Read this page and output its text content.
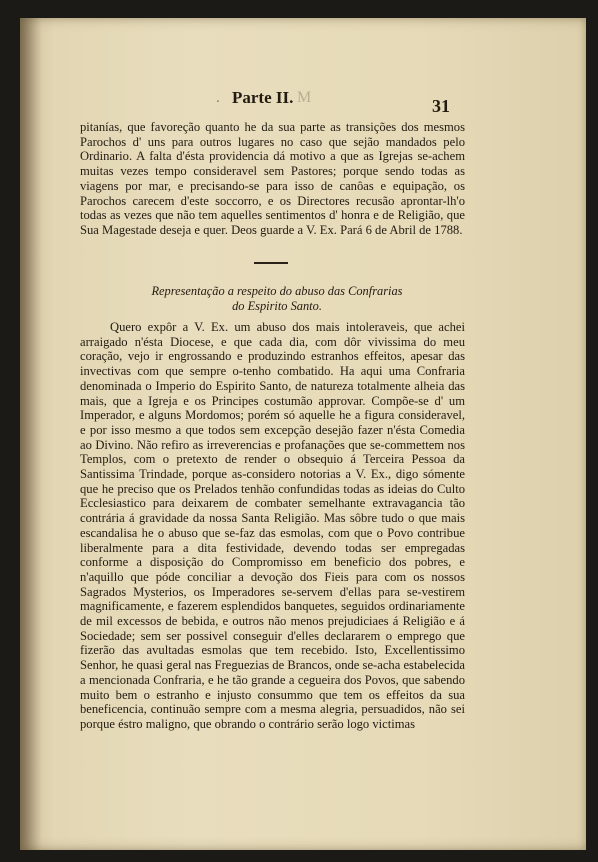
. Parte II. M	31

pitanías, que favoreção quanto he da sua parte as transições dos mesmos Parochos d' uns para outros lugares no caso que sejão mandados pelo Ordinario. A falta d'ésta providencia dá motivo a que as Igrejas se-achem muitas vezes tempo consideravel sem Pastores; porque sendo todas as viagens por mar, e precisando-se para isso de canôas e equipação, os Parochos carecem d'este soccorro, e os Directores recusão aprontar-lh'o todas as vezes que não tem aquelles sentimentos d' honra e de Religião, que Sua Magestade deseja e quer. Deos guarde a V. Ex. Pará 6 de Abril de 1788.

Representação a respeito do abuso das Confrarias
do Espirito Santo.

Quero expôr a V. Ex. um abuso dos mais intoleraveis, que achei arraigado n'ésta Diocese, e que cada dia, com dôr vivissima do meu coração, vejo ir engrossando e produzindo estranhos effeitos, apesar das invectivas com que sempre o-tenho combatido. Ha aqui uma Confraria denominada o Imperio do Espirito Santo, de natureza totalmente alheia das mais, que a Igreja e os Principes costumão approvar. Compõe-se d' um Imperador, e alguns Mordomos; porém só aquelle he a figura consideravel, e por isso mesmo a que todos sem excepção desejão fazer n'ésta Comedia ao Divino. Não refiro as irreverencias e profanações que se-commettem nos Templos, com o pretexto de render o obsequio á Terceira Pessoa da Santissima Trindade, porque as-considero notorias a V. Ex., digo sómente que he preciso que os Prelados tenhão confundidas todas as ideias do Culto Ecclesiastico para deixarem de combater semelhante extravagancia tão contrária á gravidade da nossa Santa Religião. Mas sôbre tudo o que mais escandalisa he o abuso que se-faz das esmolas, com que o Povo contribue liberalmente para a dita festividade, devendo todas ser empregadas conforme a disposição do Compromisso em beneficio dos pobres, e n'aquillo que póde conciliar a devoção dos Fieis para com os nossos Sagrados Mysterios, os Imperadores se-servem d'ellas para se-vestirem magnificamente, e fazerem esplendidos banquetes, seguidos ordinariamente de mil excessos de bebida, e outros não menos prejudiciaes á Religião e á Sociedade; sem ser possivel conseguir d'elles declararem o emprego que fizerão das avultadas esmolas que tem recebido. Isto, Excellentissimo Senhor, he quasi geral nas Freguezias de Brancos, onde se-acha estabelecida a mencionada Confraria, e he tão grande a cegueira dos Povos, que sabendo muito bem o estranho e injusto consummo que tem os effeitos da sua beneficencia, continuão sempre com a mesma alegria, persuadidos, não sei porque éstro maligno, que obrando o contrário serão logo victimas
